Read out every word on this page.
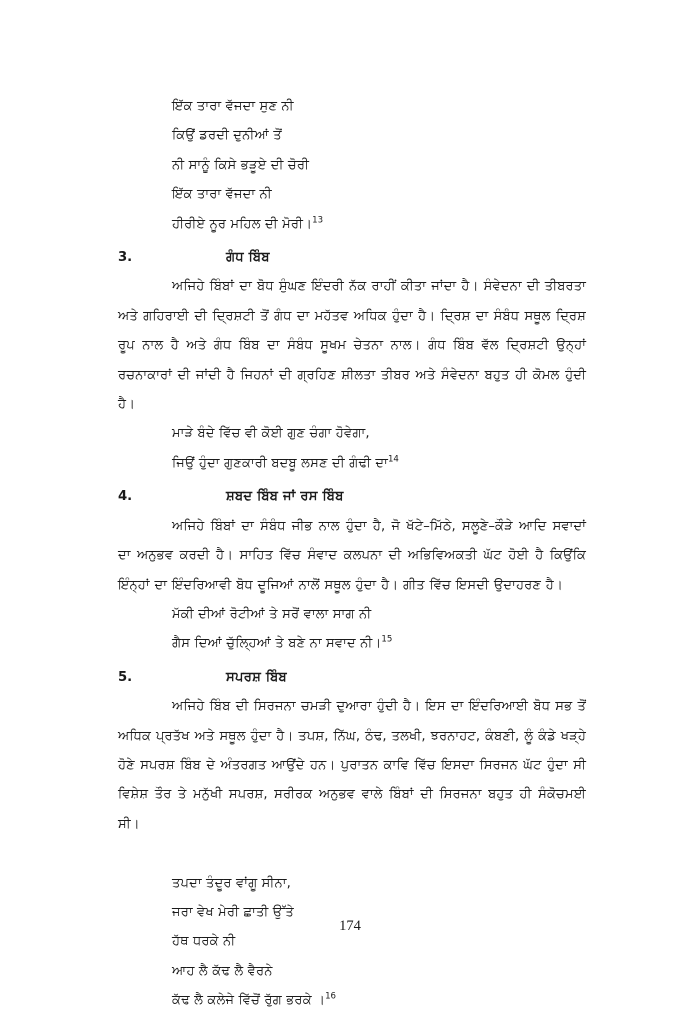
ਇੱਕ ਤਾਰਾ ਵੱਜਦਾ ਸੁਣ ਨੀ
ਕਿਉਂ ਡਰਦੀ ਦੁਨੀਆਂ ਤੋਂ
ਨੀ ਸਾਨੂੰ ਕਿਸੇ ਭੜੂਏ ਦੀ ਚੋਰੀ
ਇੱਕ ਤਾਰਾ ਵੱਜਦਾ ਨੀ
ਹੀਰੀਏ ਨੂਰ ਮਹਿਲ ਦੀ ਮੋਰੀ।$^{13}$
3.	ਗੰਧ ਬਿੰਬ

ਅਜਿਹੇ ਬਿੰਬਾਂ ਦਾ ਬੋਧ ਸੁੰਘਣ ਇੰਦਰੀ ਨੱਕ ਰਾਹੀਂ ਕੀਤਾ ਜਾਂਦਾ ਹੈ। ਸੰਵੇਦਨਾ ਦੀ ਤੀਬਰਤਾ ਅਤੇ ਗਹਿਰਾਈ ਦੀ ਦ੍ਰਿਸ਼ਟੀ ਤੋਂ ਗੰਧ ਦਾ ਮਹੱਤਵ ਅਧਿਕ ਹੁੰਦਾ ਹੈ। ਦ੍ਰਿਸ਼ ਦਾ ਸੰਬੰਧ ਸਥੂਲ ਦ੍ਰਿਸ਼ ਰੂਪ ਨਾਲ ਹੈ ਅਤੇ ਗੰਧ ਬਿੰਬ ਦਾ ਸੰਬੰਧ ਸੂਖਮ ਚੇਤਨਾ ਨਾਲ। ਗੰਧ ਬਿੰਬ ਵੱਲ ਦ੍ਰਿਸ਼ਟੀ ਉਨ੍ਹਾਂ ਰਚਨਾਕਾਰਾਂ ਦੀ ਜਾਂਦੀ ਹੈ ਜਿਹਨਾਂ ਦੀ ਗ੍ਰਹਿਣ ਸ਼ੀਲਤਾ ਤੀਬਰ ਅਤੇ ਸੰਵੇਦਨਾ ਬਹੁਤ ਹੀ ਕੋਮਲ ਹੁੰਦੀ ਹੈ।

ਮਾੜੇ ਬੰਦੇ ਵਿੱਚ ਵੀ ਕੋਈ ਗੁਣ ਚੰਗਾ ਹੋਵੇਗਾ,
ਜਿਉਂ ਹੁੰਦਾ ਗੁਣਕਾਰੀ ਬਦਬੂ ਲਸਣ ਦੀ ਗੰਢੀ ਦਾ$^{14}$
4.	ਸ਼ਬਦ ਬਿੰਬ ਜਾਂ ਰਸ ਬਿੰਬ

ਅਜਿਹੇ ਬਿੰਬਾਂ ਦਾ ਸੰਬੰਧ ਜੀਭ ਨਾਲ ਹੁੰਦਾ ਹੈ, ਜੋ ਖੱਟੇ–ਮਿੱਠੇ, ਸਲੂਣੇ–ਕੌੜੇ ਆਦਿ ਸਵਾਦਾਂ ਦਾ ਅਨੁਭਵ ਕਰਦੀ ਹੈ। ਸਾਹਿਤ ਵਿੱਚ ਸੰਵਾਦ ਕਲਪਨਾ ਦੀ ਅਭਿਵਿਅਕਤੀ ਘੱਟ ਹੋਈ ਹੈ ਕਿਉਂਕਿ ਇੰਨ੍ਹਾਂ ਦਾ ਇੰਦਰਿਆਵੀ ਬੋਧ ਦੂਜਿਆਂ ਨਾਲੋਂ ਸਥੂਲ ਹੁੰਦਾ ਹੈ। ਗੀਤ ਵਿੱਚ ਇਸਦੀ ਉਦਾਹਰਣ ਹੈ।

ਮੱਕੀ ਦੀਆਂ ਰੋਟੀਆਂ ਤੇ ਸਰੋਂ ਵਾਲਾ ਸਾਗ ਨੀ
ਗੈਸ ਦਿਆਂ ਚੁੱਲ੍ਹਿਆਂ ਤੇ ਬਣੇ ਨਾ ਸਵਾਦ ਨੀ।$^{15}$
5.	ਸਪਰਸ਼ ਬਿੰਬ

ਅਜਿਹੇ ਬਿੰਬ ਦੀ ਸਿਰਜਨਾ ਚਮੜੀ ਦੁਆਰਾ ਹੁੰਦੀ ਹੈ। ਇਸ ਦਾ ਇੰਦਰਿਆਈ ਬੋਧ ਸਭ ਤੋਂ ਅਧਿਕ ਪ੍ਰਤੱਖ ਅਤੇ ਸਥੂਲ ਹੁੰਦਾ ਹੈ। ਤਪਸ਼, ਨਿੱਘ, ਠੰਢ, ਤਲਖੀ, ਝਰਨਾਹਟ, ਕੰਬਣੀ, ਲੂੰ ਕੰਡੇ ਖੜ੍ਹੇ ਹੋਣੇ ਸਪਰਸ਼ ਬਿੰਬ ਦੇ ਅੰਤਰਗਤ ਆਉਂਦੇ ਹਨ। ਪੁਰਾਤਨ ਕਾਵਿ ਵਿੱਚ ਇਸਦਾ ਸਿਰਜਨ ਘੱਟ ਹੁੰਦਾ ਸੀ ਵਿਸ਼ੇਸ਼ ਤੌਰ ਤੇ ਮਨੁੱਖੀ ਸਪਰਸ਼, ਸਰੀਰਕ ਅਨੁਭਵ ਵਾਲੇ ਬਿੰਬਾਂ ਦੀ ਸਿਰਜਨਾ ਬਹੁਤ ਹੀ ਸੰਕੋਚਮਈ ਸੀ।

ਤਪਦਾ ਤੰਦੂਰ ਵਾਂਗੂ ਸੀਨਾ,
ਜਰਾ ਵੇਖ ਮੇਰੀ ਛਾਤੀ ਉੱਤੇ
ਹੱਥ ਧਰਕੇ ਨੀ
ਆਹ ਲੈ ਕੱਢ ਲੈ ਵੈਰਨੇ
ਕੱਢ ਲੈ ਕਲੇਜੇ ਵਿੱਚੋਂ ਰੁੱਗ ਭਰਕੇ ।$^{16}$
174
